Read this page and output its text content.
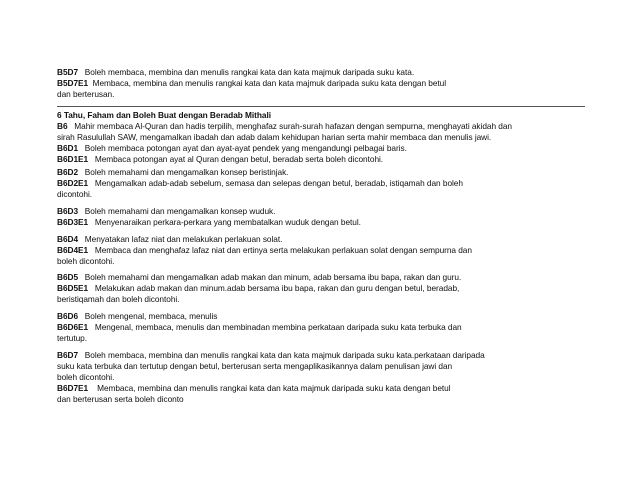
B5D7 Boleh membaca, membina dan menulis rangkai kata dan kata majmuk daripada suku kata.
B5D7E1 Membaca, membina dan menulis rangkai kata dan kata majmuk daripada suku kata dengan betul
dan berterusan.
6 Tahu, Faham dan Boleh Buat dengan Beradab Mithali
B6 Mahir membaca Al-Quran dan hadis terpilih, menghafaz surah-surah hafazan dengan sempurna, menghayati akidah dan
sirah Rasulullah SAW, mengamalkan ibadah dan adab dalam kehidupan harian serta mahir membaca dan menulis jawi.
B6D1 Boleh membaca potongan ayat dan ayat-ayat pendek yang mengandungi pelbagai baris.
B6D1E1 Membaca potongan ayat al Quran dengan betul, beradab serta boleh dicontohi.
B6D2 Boleh memahami dan mengamalkan konsep beristinjak.
B6D2E1 Mengamalkan adab-adab sebelum, semasa dan selepas dengan betul, beradab, istiqamah dan boleh
dicontohi.
B6D3 Boleh memahami dan mengamalkan konsep wuduk.
B6D3E1 Menyenaraikan perkara-perkara yang membatalkan wuduk dengan betul.
B6D4 Menyatakan lafaz niat dan melakukan perlakuan solat.
B6D4E1 Membaca dan menghafaz lafaz niat dan ertinya serta melakukan perlakuan solat dengan sempurna dan
boleh dicontohi.
B6D5 Boleh memahami dan mengamalkan adab makan dan minum, adab bersama ibu bapa, rakan dan guru.
B6D5E1 Melakukan adab makan dan minum.adab bersama ibu bapa, rakan dan guru dengan betul, beradab,
beristiqamah dan boleh dicontohi.
B6D6 Boleh mengenal, membaca, menulis
B6D6E1 Mengenal, membaca, menulis dan membinadan membina perkataan daripada suku kata terbuka dan
tertutup.
B6D7 Boleh membaca, membina dan menulis rangkai kata dan kata majmuk daripada suku kata.perkataan daripada
suku kata terbuka dan tertutup dengan betul, berterusan serta mengaplikasikannya dalam penulisan jawi dan
boleh dicontohi.
B6D7E1    Membaca, membina dan menulis rangkai kata dan kata majmuk daripada suku kata dengan betul
dan berterusan serta boleh diconto
